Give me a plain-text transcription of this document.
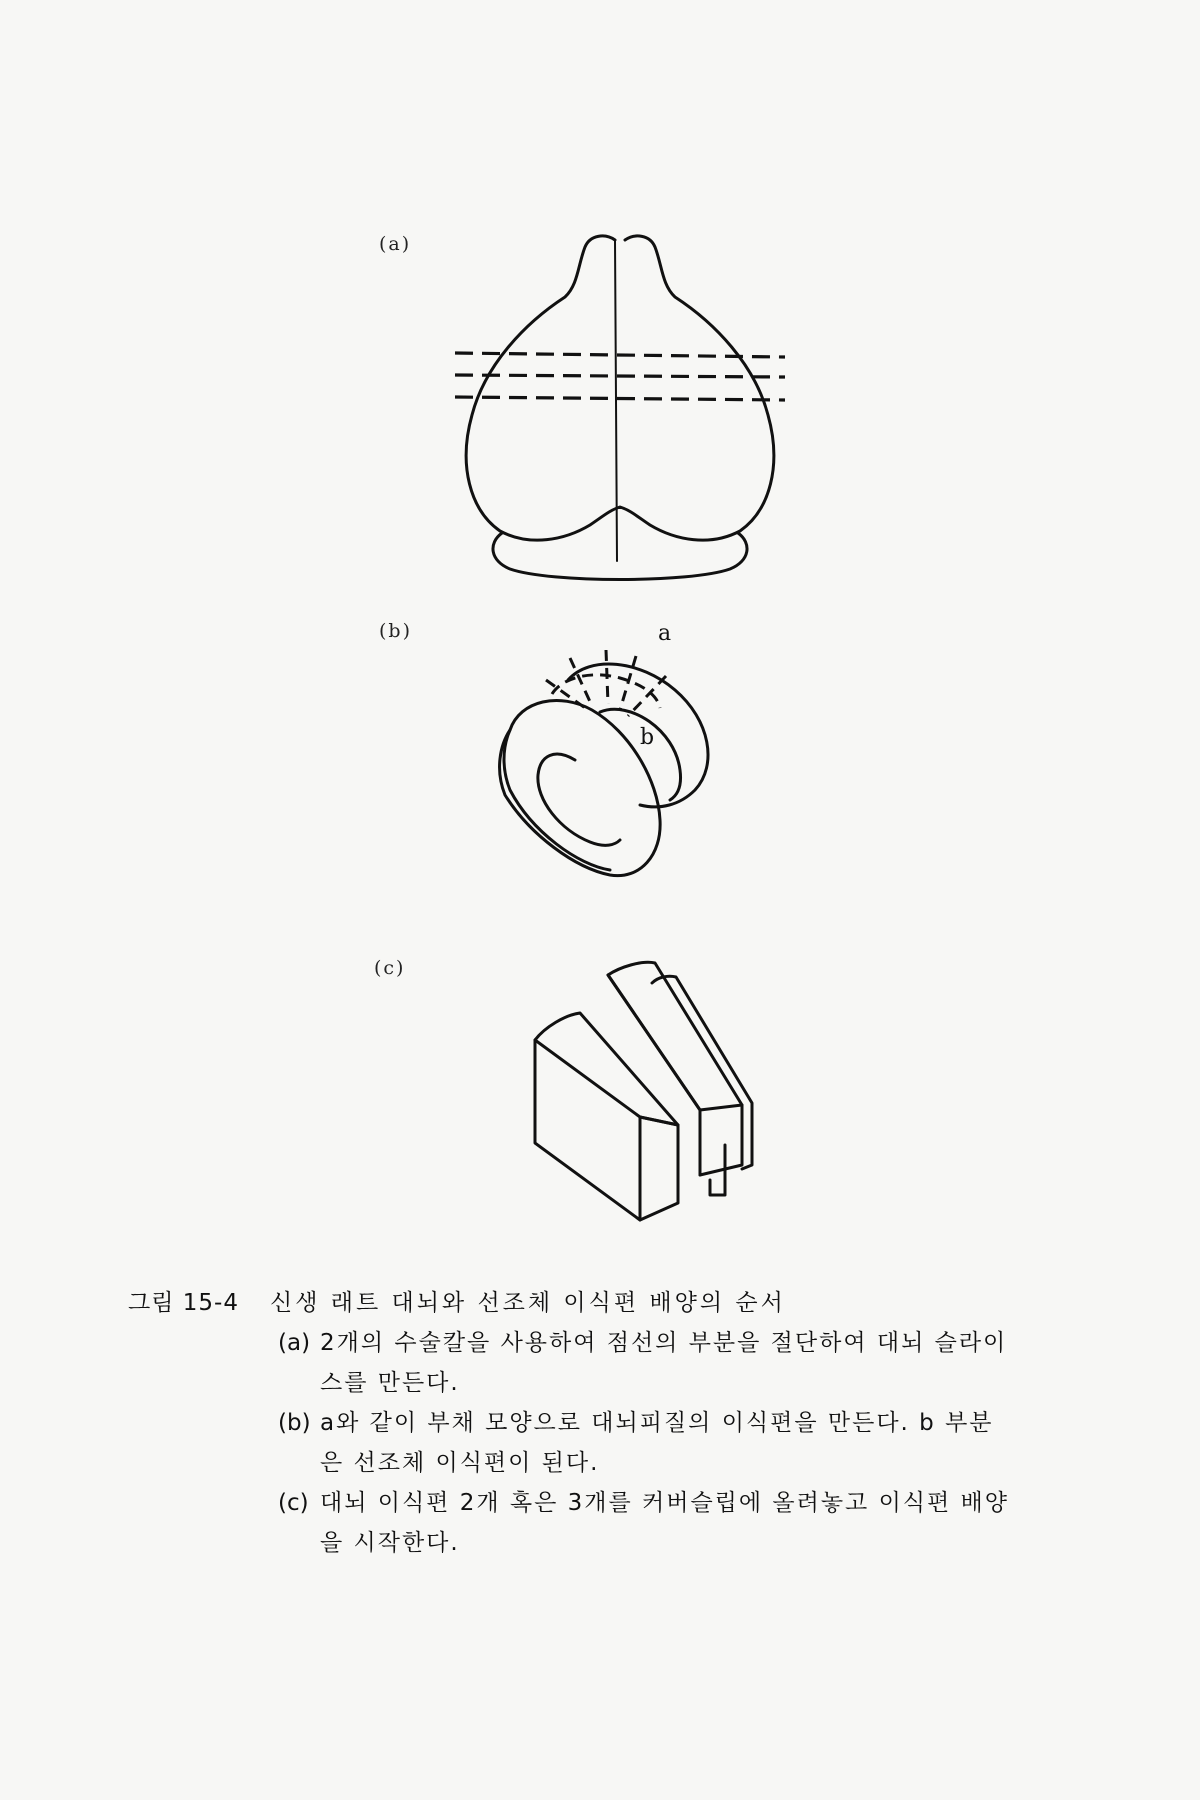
(a)
(b)	a
b
(c)
그림 15-4	신생 래트 대뇌와 선조체 이식편 배양의 순서
(a) 2개의 수술칼을 사용하여 점선의 부분을 절단하여 대뇌 슬라이스를 만든다.
(b) a와 같이 부채 모양으로 대뇌피질의 이식편을 만든다. b 부분은 선조체 이식편이 된다.
(c) 대뇌 이식편 2개 혹은 3개를 커버슬립에 올려놓고 이식편 배양을 시작한다.
